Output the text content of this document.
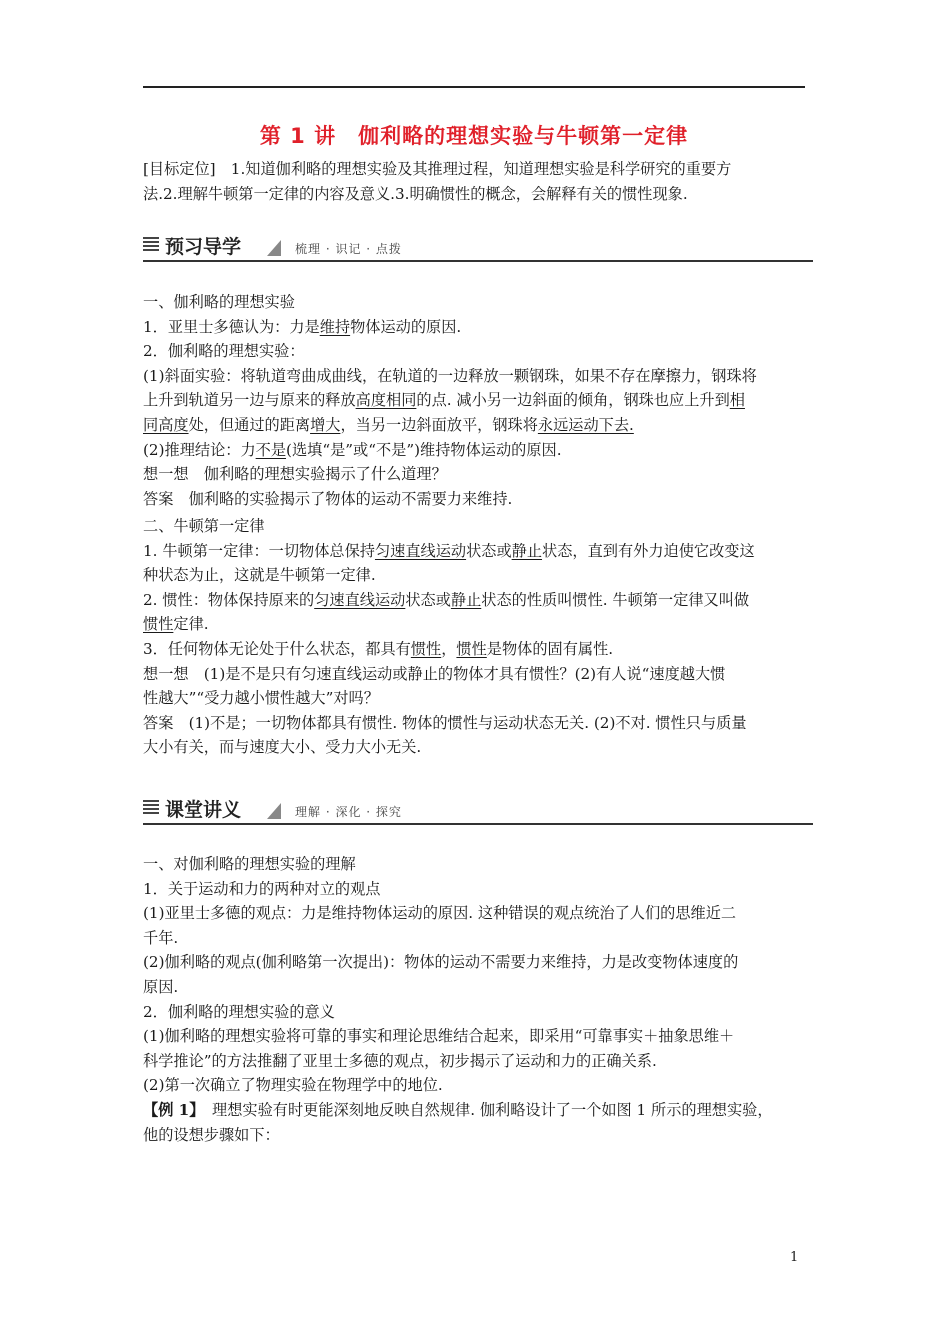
第 1 讲　伽利略的理想实验与牛顿第一定律

[目标定位]　1.知道伽利略的理想实验及其推理过程，知道理想实验是科学研究的重要方

法.2.理解牛顿第一定律的内容及意义.3.明确惯性的概念，会解释有关的惯性现象.

预习导学	梳理 · 识记 · 点拨

一、伽利略的理想实验

1．亚里士多德认为：力是维持物体运动的原因.

2．伽利略的理想实验：

(1)斜面实验：将轨道弯曲成曲线，在轨道的一边释放一颗钢珠，如果不存在摩擦力，钢珠将

上升到轨道另一边与原来的释放高度相同的点. 减小另一边斜面的倾角，钢珠也应上升到相

同高度处，但通过的距离增大，当另一边斜面放平，钢珠将永远运动下去.

(2)推理结论：力不是(选填“是”或“不是”)维持物体运动的原因.

想一想　伽利略的理想实验揭示了什么道理？

答案　伽利略的实验揭示了物体的运动不需要力来维持.

二、牛顿第一定律

1. 牛顿第一定律：一切物体总保持匀速直线运动状态或静止状态，直到有外力迫使它改变这

种状态为止，这就是牛顿第一定律.

2. 惯性：物体保持原来的匀速直线运动状态或静止状态的性质叫惯性. 牛顿第一定律又叫做

惯性定律.

3．任何物体无论处于什么状态，都具有惯性，惯性是物体的固有属性.

想一想　(1)是不是只有匀速直线运动或静止的物体才具有惯性？(2)有人说“速度越大惯

性越大”“受力越小惯性越大”对吗？

答案　(1)不是；一切物体都具有惯性. 物体的惯性与运动状态无关. (2)不对. 惯性只与质量

大小有关，而与速度大小、受力大小无关.

课堂讲义	理解 · 深化 · 探究

一、对伽利略的理想实验的理解

1．关于运动和力的两种对立的观点

(1)亚里士多德的观点：力是维持物体运动的原因. 这种错误的观点统治了人们的思维近二

千年.

(2)伽利略的观点(伽利略第一次提出)：物体的运动不需要力来维持，力是改变物体速度的

原因.

2．伽利略的理想实验的意义

(1)伽利略的理想实验将可靠的事实和理论思维结合起来，即采用“可靠事实＋抽象思维＋

科学推论”的方法推翻了亚里士多德的观点，初步揭示了运动和力的正确关系.

(2)第一次确立了物理实验在物理学中的地位.

【例 1】　理想实验有时更能深刻地反映自然规律. 伽利略设计了一个如图 1 所示的理想实验，

他的设想步骤如下：

1
